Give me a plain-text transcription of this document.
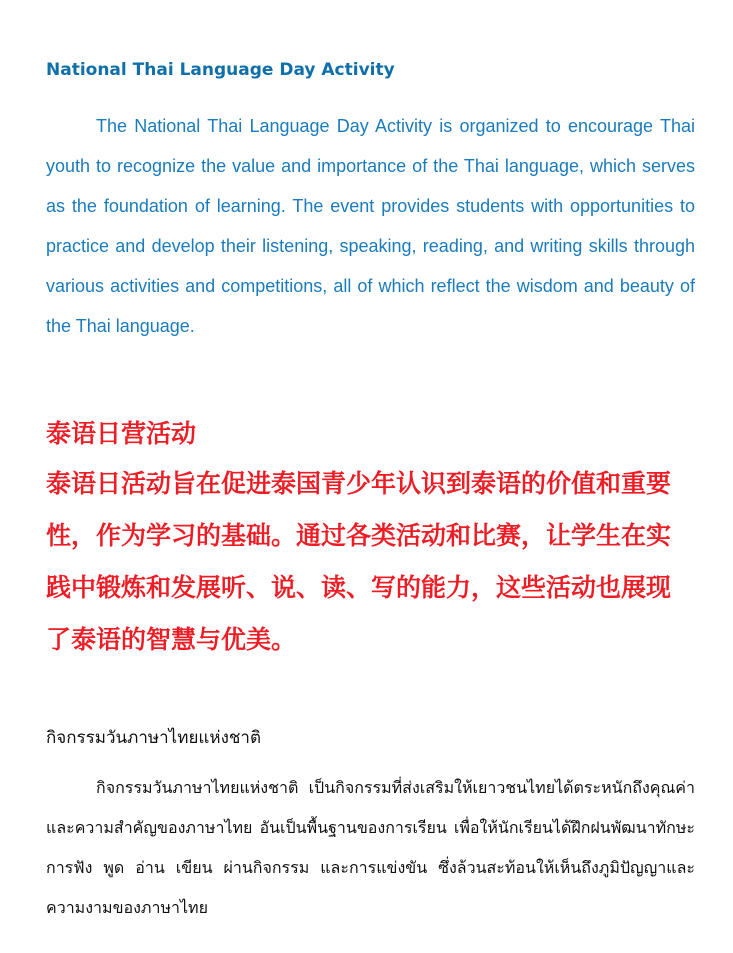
National Thai Language Day Activity

The National Thai Language Day Activity is organized to encourage Thai youth to recognize the value and importance of the Thai language, which serves as the foundation of learning. The event provides students with opportunities to practice and develop their listening, speaking, reading, and writing skills through various activities and competitions, all of which reflect the wisdom and beauty of the Thai language.

泰语日营活动

泰语日活动旨在促进泰国青少年认识到泰语的价值和重要性，作为学习的基础。通过各类活动和比赛，让学生在实践中锻炼和发展听、说、读、写的能力，这些活动也展现了泰语的智慧与优美。

กิจกรรมวันภาษาไทยแห่งชาติ

กิจกรรมวันภาษาไทยแห่งชาติ เป็นกิจกรรมที่ส่งเสริมให้เยาวชนไทยได้ตระหนักถึงคุณค่าและความสำคัญของภาษาไทย อันเป็นพื้นฐานของการเรียน เพื่อให้นักเรียนได้ฝึกฝนพัฒนาทักษะการฟัง พูด อ่าน เขียน ผ่านกิจกรรม และการแข่งขัน ซึ่งล้วนสะท้อนให้เห็นถึงภูมิปัญญาและความงามของภาษาไทย
